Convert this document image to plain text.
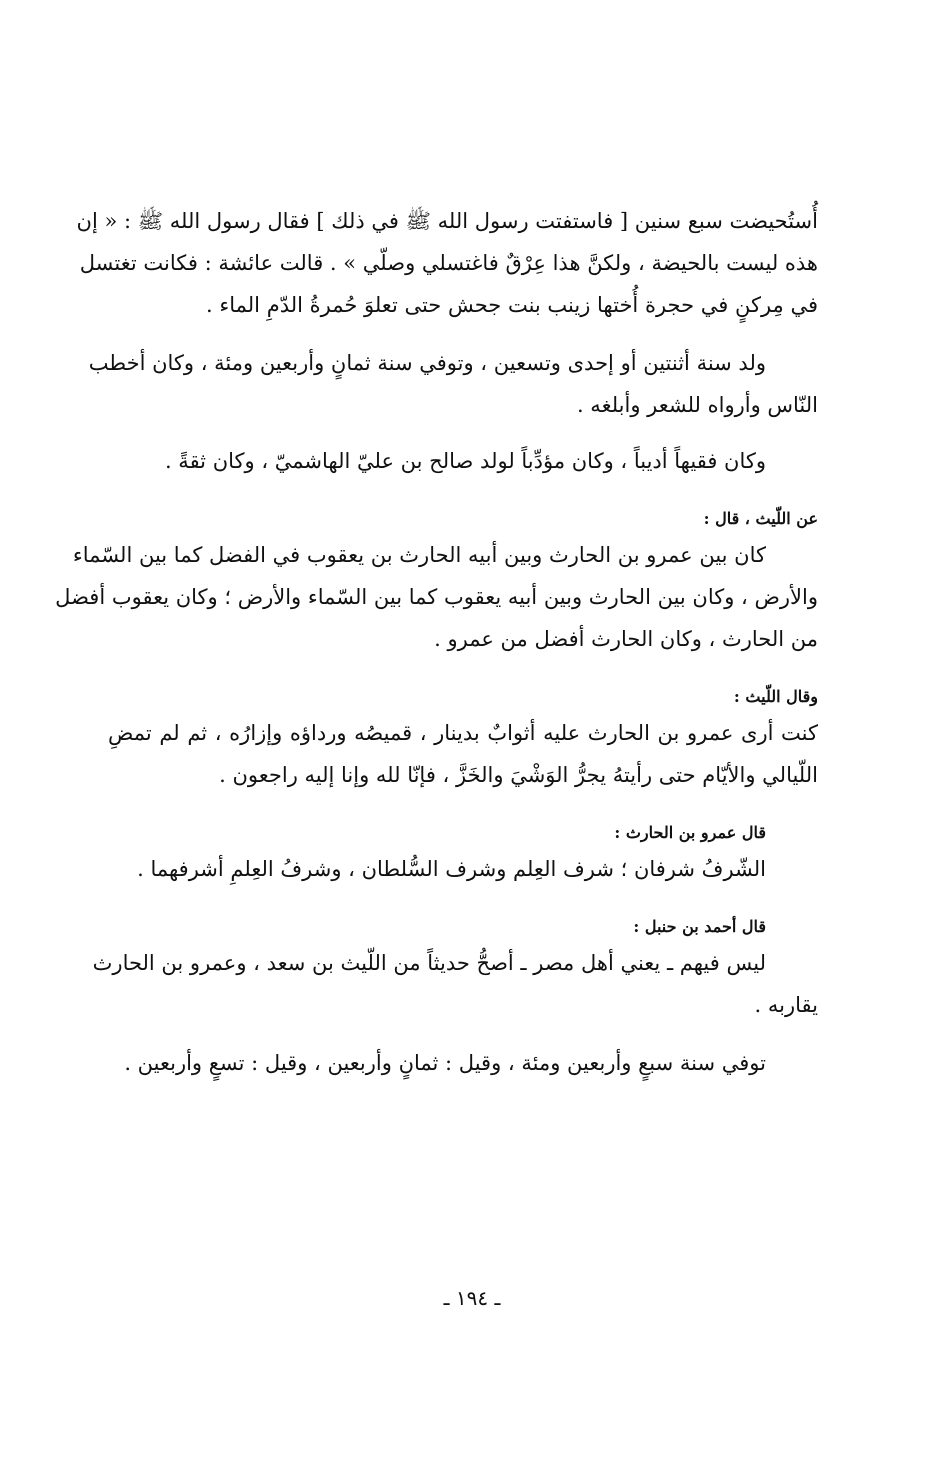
أُستُحيضت سبع سنين [ فاستفتت رسول الله ﷺ في ذلك ] فقال رسول الله ﷺ : « إن
هذه ليست بالحيضة ، ولكنَّ هذا عِرْقٌ فاغتسلي وصلّي » . قالت عائشة : فكانت تغتسل
في مِركنٍ في حجرة أُختها زينب بنت جحش حتى تعلوَ حُمرةُ الدّمِ الماء .
ولد سنة أثنتين أو إحدى وتسعين ، وتوفي سنة ثمانٍ وأربعين ومئة ، وكان أخطب
النّاس وأرواه للشعر وأبلغه .
وكان فقيهاً أديباً ، وكان مؤدِّباً لولد صالح بن عليّ الهاشميّ ، وكان ثقةً .
عن اللّيث ، قال :
كان بين عمرو بن الحارث وبين أبيه الحارث بن يعقوب في الفضل كما بين السّماء
والأرض ، وكان بين الحارث وبين أبيه يعقوب كما بين السّماء والأرض ؛ وكان يعقوب أفضل
من الحارث ، وكان الحارث أفضل من عمرو .
وقال اللّيث :
كنت أرى عمرو بن الحارث عليه أثوابٌ بدينار ، قميصُه ورداؤه وإزارُه ، ثم لم تمضِ
اللّيالي والأيّام حتى رأيتهُ يجرُّ الوَشْيَ والخَزَّ ، فإنّا لله وإنا إليه راجعون .
قال عمرو بن الحارث :
الشّرفُ شرفان ؛ شرف العِلم وشرف السُّلطان ، وشرفُ العِلمِ أشرفهما .
قال أحمد بن حنبل :
ليس فيهم ـ يعني أهل مصر ـ أصحُّ حديثاً من اللّيث بن سعد ، وعمرو بن الحارث
يقاربه .
توفي سنة سبعٍ وأربعين ومئة ، وقيل : ثمانٍ وأربعين ، وقيل : تسعٍ وأربعين .
ـ ١٩٤ ـ
